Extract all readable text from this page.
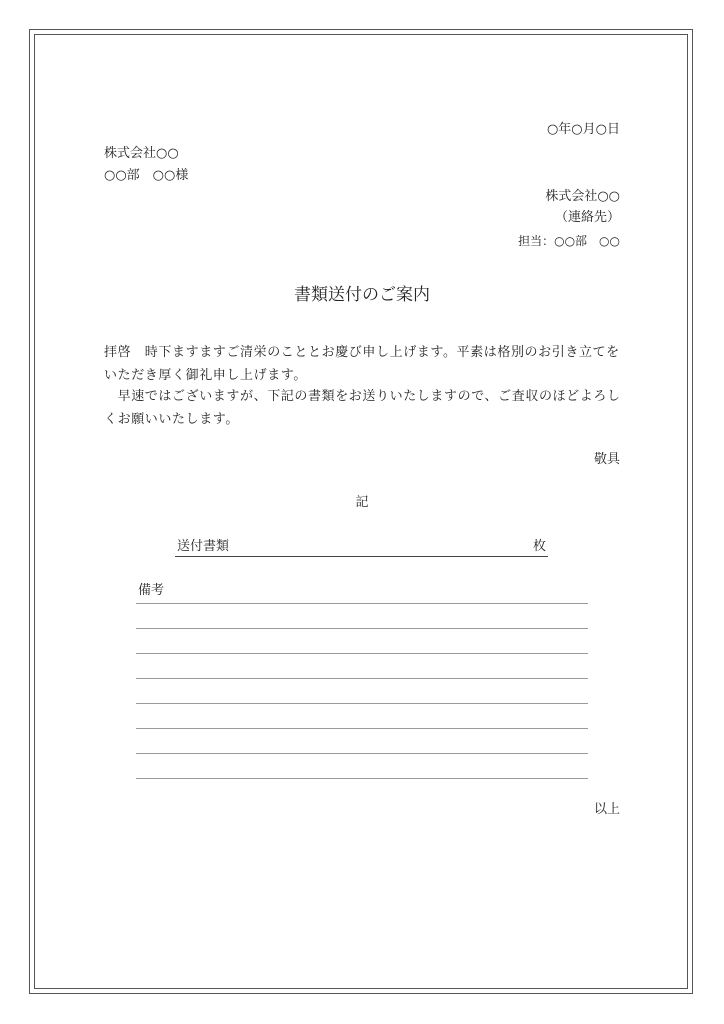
○年○月○日
株式会社○○
○○部　○○様
株式会社○○
（連絡先）
担当：○○部　○○
書類送付のご案内
拝啓　時下ますますご清栄のこととお慶び申し上げます。平素は格別のお引き立てをいただき厚く御礼申し上げます。
　早速ではございますが、下記の書類をお送りいたしますので、ご査収のほどよろしくお願いいたします。
敬具
記
送付書類	枚
備考
以上
